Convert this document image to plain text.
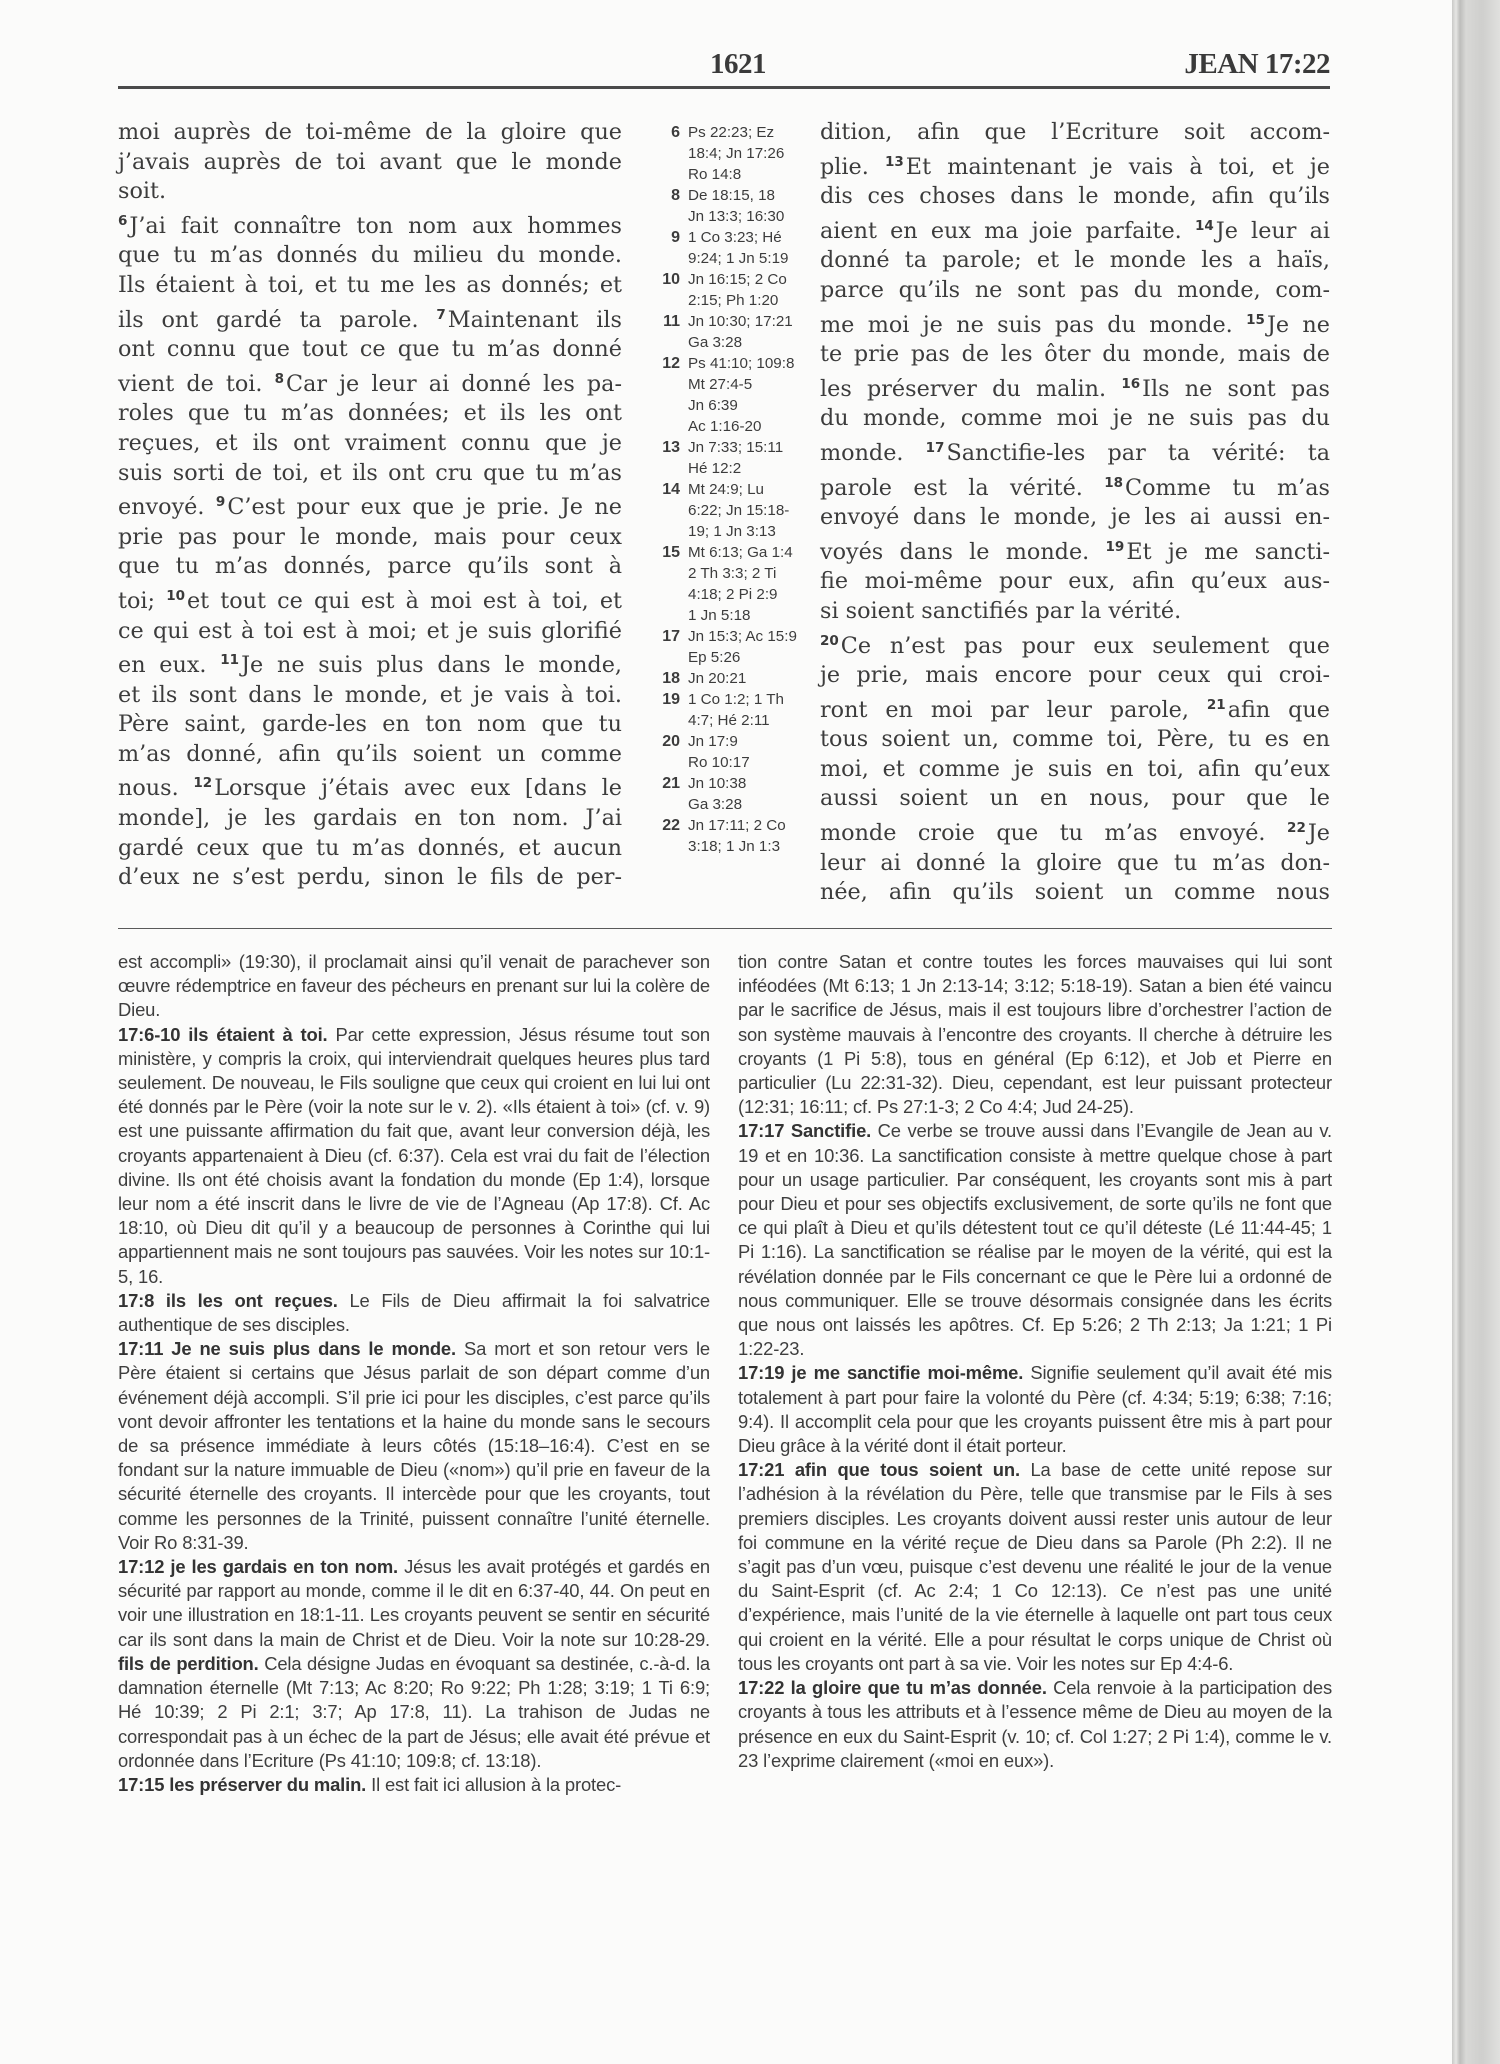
1621	JEAN 17:22
moi auprès de toi-même de la gloire que
j’avais auprès de toi avant que le monde
soit.
$^6$J’ai fait connaître ton nom aux hommes
que tu m’as donnés du milieu du monde.
Ils étaient à toi, et tu me les as donnés; et
ils ont gardé ta parole. $^7$Maintenant ils
ont connu que tout ce que tu m’as donné
vient de toi. $^8$Car je leur ai donné les pa-
roles que tu m’as données; et ils les ont
reçues, et ils ont vraiment connu que je
suis sorti de toi, et ils ont cru que tu m’as
envoyé. $^9$C’est pour eux que je prie. Je ne
prie pas pour le monde, mais pour ceux
que tu m’as donnés, parce qu’ils sont à
toi; $^{10}$et tout ce qui est à moi est à toi, et
ce qui est à toi est à moi; et je suis glorifié
en eux. $^{11}$Je ne suis plus dans le monde,
et ils sont dans le monde, et je vais à toi.
Père saint, garde-les en ton nom que tu
m’as donné, afin qu’ils soient un comme
nous. $^{12}$Lorsque j’étais avec eux [dans le
monde], je les gardais en ton nom. J’ai
gardé ceux que tu m’as donnés, et aucun
d’eux ne s’est perdu, sinon le fils de per-
6 Ps 22:23; Ez
18:4; Jn 17:26
Ro 14:8
8 De 18:15, 18
Jn 13:3; 16:30
9 1 Co 3:23; Hé
9:24; 1 Jn 5:19
10 Jn 16:15; 2 Co
2:15; Ph 1:20
11 Jn 10:30; 17:21
Ga 3:28
12 Ps 41:10; 109:8
Mt 27:4-5
Jn 6:39
Ac 1:16-20
13 Jn 7:33; 15:11
Hé 12:2
14 Mt 24:9; Lu
6:22; Jn 15:18-
19; 1 Jn 3:13
15 Mt 6:13; Ga 1:4
2 Th 3:3; 2 Ti
4:18; 2 Pi 2:9
1 Jn 5:18
17 Jn 15:3; Ac 15:9
Ep 5:26
18 Jn 20:21
19 1 Co 1:2; 1 Th
4:7; Hé 2:11
20 Jn 17:9
Ro 10:17
21 Jn 10:38
Ga 3:28
22 Jn 17:11; 2 Co
3:18; 1 Jn 1:3
dition, afin que l’Ecriture soit accom-
plie. $^{13}$Et maintenant je vais à toi, et je
dis ces choses dans le monde, afin qu’ils
aient en eux ma joie parfaite. $^{14}$Je leur ai
donné ta parole; et le monde les a haïs,
parce qu’ils ne sont pas du monde, com-
me moi je ne suis pas du monde. $^{15}$Je ne
te prie pas de les ôter du monde, mais de
les préserver du malin. $^{16}$Ils ne sont pas
du monde, comme moi je ne suis pas du
monde. $^{17}$Sanctifie-les par ta vérité: ta
parole est la vérité. $^{18}$Comme tu m’as
envoyé dans le monde, je les ai aussi en-
voyés dans le monde. $^{19}$Et je me sancti-
fie moi-même pour eux, afin qu’eux aus-
si soient sanctifiés par la vérité.
$^{20}$Ce n’est pas pour eux seulement que
je prie, mais encore pour ceux qui croi-
ront en moi par leur parole, $^{21}$afin que
tous soient un, comme toi, Père, tu es en
moi, et comme je suis en toi, afin qu’eux
aussi soient un en nous, pour que le
monde croie que tu m’as envoyé. $^{22}$Je
leur ai donné la gloire que tu m’as don-
née, afin qu’ils soient un comme nous

est accompli» (19:30), il proclamait ainsi qu’il venait de parachever son œuvre rédemptrice en faveur des pécheurs en prenant sur lui la colère de Dieu.

17:6-10 ils étaient à toi. Par cette expression, Jésus résume tout son ministère, y compris la croix, qui interviendrait quelques heures plus tard seulement. De nouveau, le Fils souligne que ceux qui croient en lui lui ont été donnés par le Père (voir la note sur le v. 2). «Ils étaient à toi» (cf. v. 9) est une puissante affirmation du fait que, avant leur conversion déjà, les croyants appartenaient à Dieu (cf. 6:37). Cela est vrai du fait de l’élection divine. Ils ont été choisis avant la fondation du monde (Ep 1:4), lorsque leur nom a été inscrit dans le livre de vie de l’Agneau (Ap 17:8). Cf. Ac 18:10, où Dieu dit qu’il y a beaucoup de personnes à Corinthe qui lui appartiennent mais ne sont toujours pas sauvées. Voir les notes sur 10:1-5, 16.

17:8 ils les ont reçues. Le Fils de Dieu affirmait la foi salvatrice authentique de ses disciples.

17:11 Je ne suis plus dans le monde. Sa mort et son retour vers le Père étaient si certains que Jésus parlait de son départ comme d’un événement déjà accompli. S’il prie ici pour les disciples, c’est parce qu’ils vont devoir affronter les tentations et la haine du monde sans le secours de sa présence immédiate à leurs côtés (15:18–16:4). C’est en se fondant sur la nature immuable de Dieu («nom») qu’il prie en faveur de la sécurité éternelle des croyants. Il intercède pour que les croyants, tout comme les personnes de la Trinité, puissent connaître l’unité éternelle. Voir Ro 8:31-39.

17:12 je les gardais en ton nom. Jésus les avait protégés et gardés en sécurité par rapport au monde, comme il le dit en 6:37-40, 44. On peut en voir une illustration en 18:1-11. Les croyants peuvent se sentir en sécurité car ils sont dans la main de Christ et de Dieu. Voir la note sur 10:28-29. fils de perdition. Cela désigne Judas en évoquant sa destinée, c.-à-d. la damnation éternelle (Mt 7:13; Ac 8:20; Ro 9:22; Ph 1:28; 3:19; 1 Ti 6:9; Hé 10:39; 2 Pi 2:1; 3:7; Ap 17:8, 11). La trahison de Judas ne correspondait pas à un échec de la part de Jésus; elle avait été prévue et ordonnée dans l’Ecriture (Ps 41:10; 109:8; cf. 13:18).

17:15 les préserver du malin. Il est fait ici allusion à la protec-

tion contre Satan et contre toutes les forces mauvaises qui lui sont inféodées (Mt 6:13; 1 Jn 2:13-14; 3:12; 5:18-19). Satan a bien été vaincu par le sacrifice de Jésus, mais il est toujours libre d’orchestrer l’action de son système mauvais à l’encontre des croyants. Il cherche à détruire les croyants (1 Pi 5:8), tous en général (Ep 6:12), et Job et Pierre en particulier (Lu 22:31-32). Dieu, cependant, est leur puissant protecteur (12:31; 16:11; cf. Ps 27:1-3; 2 Co 4:4; Jud 24-25).

17:17 Sanctifie. Ce verbe se trouve aussi dans l’Evangile de Jean au v. 19 et en 10:36. La sanctification consiste à mettre quelque chose à part pour un usage particulier. Par conséquent, les croyants sont mis à part pour Dieu et pour ses objectifs exclusivement, de sorte qu’ils ne font que ce qui plaît à Dieu et qu’ils détestent tout ce qu’il déteste (Lé 11:44-45; 1 Pi 1:16). La sanctification se réalise par le moyen de la vérité, qui est la révélation donnée par le Fils concernant ce que le Père lui a ordonné de nous communiquer. Elle se trouve désormais consignée dans les écrits que nous ont laissés les apôtres. Cf. Ep 5:26; 2 Th 2:13; Ja 1:21; 1 Pi 1:22-23.

17:19 je me sanctifie moi-même. Signifie seulement qu’il avait été mis totalement à part pour faire la volonté du Père (cf. 4:34; 5:19; 6:38; 7:16; 9:4). Il accomplit cela pour que les croyants puissent être mis à part pour Dieu grâce à la vérité dont il était porteur.

17:21 afin que tous soient un. La base de cette unité repose sur l’adhésion à la révélation du Père, telle que transmise par le Fils à ses premiers disciples. Les croyants doivent aussi rester unis autour de leur foi commune en la vérité reçue de Dieu dans sa Parole (Ph 2:2). Il ne s’agit pas d’un vœu, puisque c’est devenu une réalité le jour de la venue du Saint-Esprit (cf. Ac 2:4; 1 Co 12:13). Ce n’est pas une unité d’expérience, mais l’unité de la vie éternelle à laquelle ont part tous ceux qui croient en la vérité. Elle a pour résultat le corps unique de Christ où tous les croyants ont part à sa vie. Voir les notes sur Ep 4:4-6.

17:22 la gloire que tu m’as donnée. Cela renvoie à la participation des croyants à tous les attributs et à l’essence même de Dieu au moyen de la présence en eux du Saint-Esprit (v. 10; cf. Col 1:27; 2 Pi 1:4), comme le v. 23 l’exprime clairement («moi en eux»).
